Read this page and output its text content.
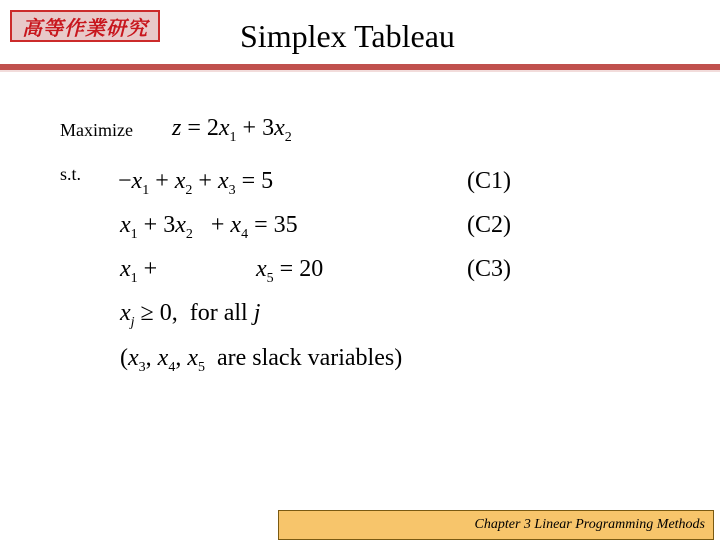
高等作業研究	Simplex Tableau
Maximize $z = 2x_1 + 3x_2$
s.t. $-x_1 + x_2 + x_3 = 5$	(C1)
$x_1 + 3x_2 + x_4 = 35$	(C2)
$x_1$ +	$x_5 = 20$	(C3)
$x_j \ge 0$,  for all j
($x_3$, $x_4$, $x_5$ are slack variables)
Chapter 3 Linear Programming Methods
